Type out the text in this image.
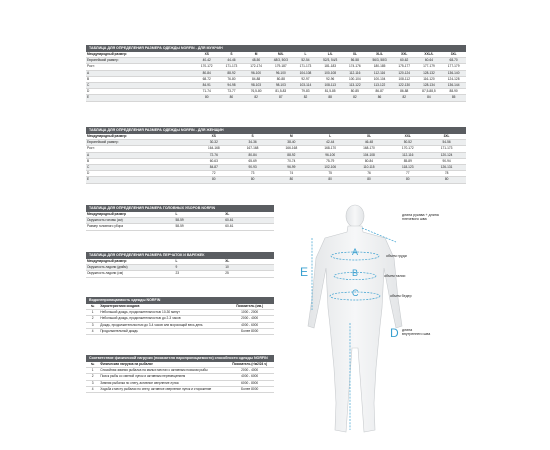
ТАБЛИЦА ДЛЯ ОПРЕДЕЛЕНИЯ РАЗМЕРА ОДЕЖДЫ NORFIN - ДЛЯ МУЖЧИН
Международный размер:	XS	S	M	M/L	L	L/L	XL	XL/L	XXL	XXL/L	3XL
Европейский размер:	40-42	44-46	48-50	48/3, 50/3	52-54	52/3, 54/3	56-58	56/3, 58/3	60-62	60-64	68-70
Рост:	170-172	171-173	172-174	179-187	171-173	181-183	174-176	180-185	175-177	177-179	177-179
A	80-84	88-92	96-100	96-100	104-108	100-108	112-116	112-116	120-124	128-132	136-140
B	68-72	76-80	84-88	80-88	92-97	92-96	100-104	100-104	108-112	116-120	124-128
C	84-91	94-98	98-103	98-103	103-114	108-113	113-122	113-122	122-130	128-134	136-144
D	71-74	73-77	76,5-80	81,5-83	79-83	81,5-85	80-85	86-87	86-88	87,5-88,5	88-90
E	80	80	82	87	82	88	82	86	82	84	85
ТАБЛИЦА ДЛЯ ОПРЕДЕЛЕНИЯ РАЗМЕРА ОДЕЖДЫ NORFIN - ДЛЯ ЖЕНЩИН
Международный размер:	XS	S	M	L	XL	XXL	3XL
Европейский размер:	30-32	34-36	38-40	42-44	46-48	50-52	54-56
Рост:	164-168	167-168	166-168	168-170	168-170	170-172	171-173
A	72-76	80-84	88-92	96-100	104-108	112-116	120-124
B	60-63	65-69	70-74	75-79	80-84	85-89	90-94
C	84-87	90-93	96-99	102-106	110-115	118-123	126-131
D	72	73	74	75	76	77	78
E	80	80	80	80	80	80	80
ТАБЛИЦА ДЛЯ ОПРЕДЕЛЕНИЯ РАЗМЕРА ГОЛОВНЫХ УБОРОВ NORFIN
Международный размер	L	XL
Окружность головы (см)	58-59	60-61
Размер головного убора	58-59	60-61
ТАБЛИЦА ДЛЯ ОПРЕДЕЛЕНИЯ РАЗМЕРА ПЕРЧАТОК И ВАРЕЖЕК
Международный размер:	L	XL
Окружность ладони (дюйм)	9	10
Окружность ладони (см)	23	25
Водонепроницаемость одежды NORFIN
№	Характеристики осадков	Показатель (мм.)
1	Небольшой дождь, продолжительностью 10-30 минут	1000 - 2000
2	Небольшой дождь, продолжительностью до 2-3 часов	2000 - 4000
3	Дождь, продолжительностью до 3-4 часов или моросящий весь день	4000 - 6000
4	Продолжительный дождь	Более 8000
Соответствие физической нагрузки (показателя паропроницаемости) способности одежды NORFIN
№	Физическая нагрузка на рыбалке	Показатель (г/м2/24 ч)
1	Спокойная зимняя рыбалка на малых местах с активным поиском рыбы	2000 - 4000
2	Поиск рыбы со сменой лунок и активным перемещением	4000 - 6000
3	Зимняя рыбалка по снегу, активное сверление лунок	6000 - 8000
4	Ходьба к месту рыбалки по снегу, активное сверление лунок и сторожение	Более 8000
E
A
B
C
D
длина рукава + длина плечевого шва
объем груди
объем талии
объем бедер
длина внутреннего шва
